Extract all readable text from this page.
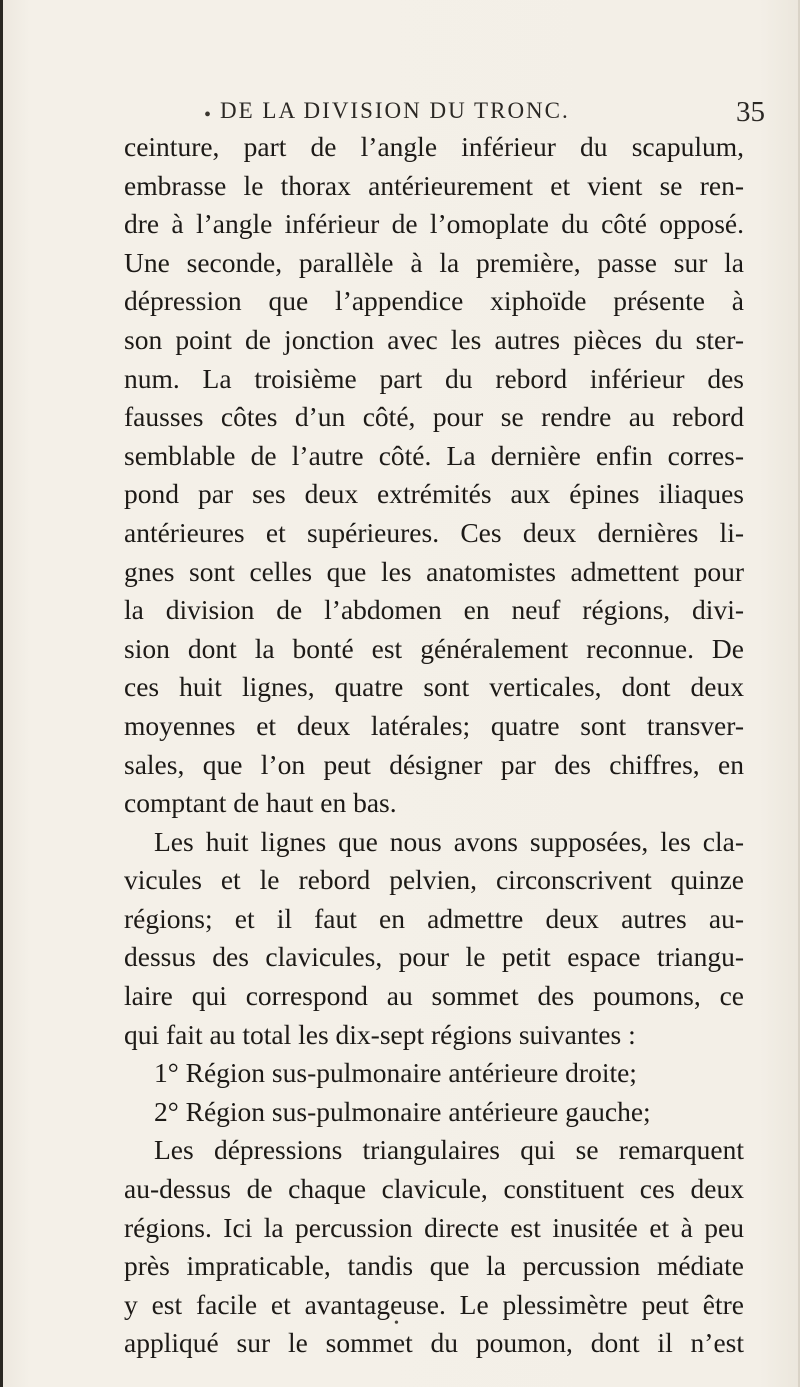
• DE LA DIVISION DU TRONC.	35
ceinture, part de l’angle inférieur du scapulum,
embrasse le thorax antérieurement et vient se ren-
dre à l’angle inférieur de l’omoplate du côté opposé.
Une seconde, parallèle à la première, passe sur la
dépression que l’appendice xiphoïde présente à
son point de jonction avec les autres pièces du ster-
num. La troisième part du rebord inférieur des
fausses côtes d’un côté, pour se rendre au rebord
semblable de l’autre côté. La dernière enfin corres-
pond par ses deux extrémités aux épines iliaques
antérieures et supérieures. Ces deux dernières li-
gnes sont celles que les anatomistes admettent pour
la division de l’abdomen en neuf régions, divi-
sion dont la bonté est généralement reconnue. De
ces huit lignes, quatre sont verticales, dont deux
moyennes et deux latérales; quatre sont transver-
sales, que l’on peut désigner par des chiffres, en
comptant de haut en bas.
Les huit lignes que nous avons supposées, les cla-
vicules et le rebord pelvien, circonscrivent quinze
régions; et il faut en admettre deux autres au-
dessus des clavicules, pour le petit espace triangu-
laire qui correspond au sommet des poumons, ce
qui fait au total les dix-sept régions suivantes :
1° Région sus-pulmonaire antérieure droite;
2° Région sus-pulmonaire antérieure gauche;
Les dépressions triangulaires qui se remarquent
au-dessus de chaque clavicule, constituent ces deux
régions. Ici la percussion directe est inusitée et à peu
près impraticable, tandis que la percussion médiate
y est facile et avantageuse. Le plessimètre peut être
appliqué sur le sommet du poumon, dont il n’est
•
